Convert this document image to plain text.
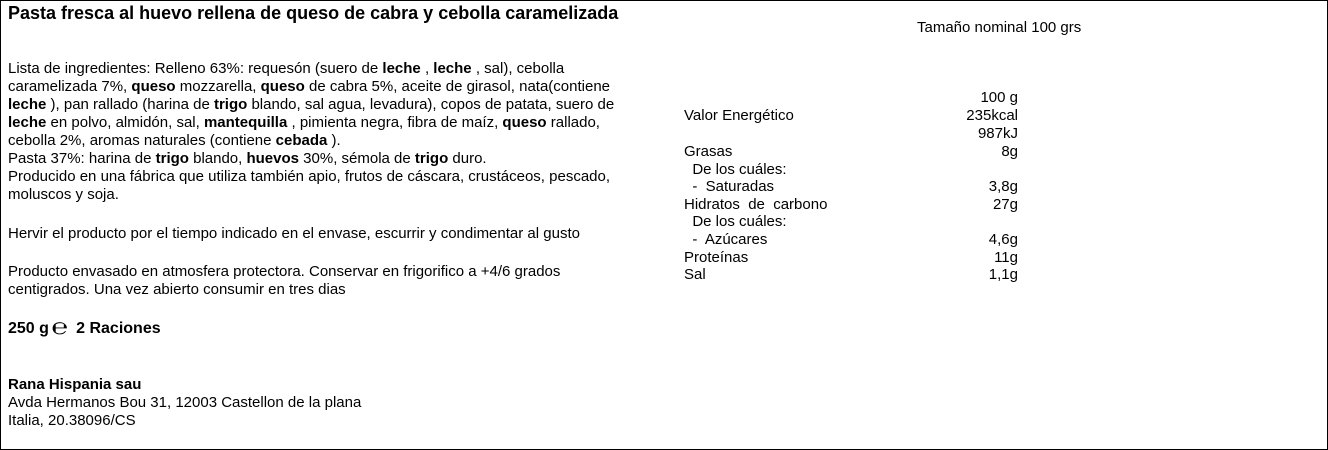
Pasta fresca al huevo rellena de queso de cabra y cebolla caramelizada
Lista de ingredientes: Relleno 63%: requesón (suero de leche , leche , sal), cebolla caramelizada 7%, queso mozzarella, queso de cabra 5%, aceite de girasol, nata(contiene leche ), pan rallado (harina de trigo blando, sal agua, levadura), copos de patata, suero de leche en polvo, almidón, sal, mantequilla , pimienta negra, fibra de maíz, queso rallado, cebolla 2%, aromas naturales (contiene cebada ).
Pasta 37%: harina de trigo blando, huevos 30%, sémola de trigo duro.
Producido en una fábrica que utiliza también apio, frutos de cáscara, crustáceos, pescado, moluscos y soja.
Hervir el producto por el tiempo indicado en el envase, escurrir y condimentar al gusto
Producto envasado en atmosfera protectora. Conservar en frigorifico a +4/6 grados
centigrados. Una vez abierto consumir en tres dias
250 g ℮ 2 Raciones
Rana Hispania sau
Avda Hermanos Bou 31, 12003 Castellon de la plana
Italia, 20.38096/CS
Tamaño nominal 100 grs
100 g
Valor Energético	235kcal
987kJ
Grasas	8g
De los cuáles:
-  Saturadas	3,8g
Hidratos  de  carbono	27g
De los cuáles:
-  Azúcares	4,6g
Proteínas	11g
Sal	1,1g
